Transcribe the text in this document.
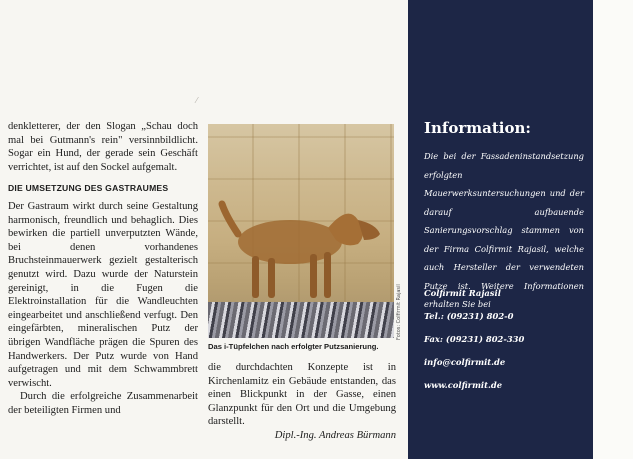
⁄

denkletterer, der den Slogan „Schau doch mal bei Gutmann's rein" versinnbildlicht. Sogar ein Hund, der gerade sein Geschäft verrichtet, ist auf den Sockel aufgemalt.

DIE UMSETZUNG DES GASTRAUMES

Der Gastraum wirkt durch seine Gestaltung harmonisch, freundlich und behaglich. Dies bewirken die partiell unverputzten Wände, bei denen vorhandenes Bruchsteinmauerwerk gezielt gestalterisch genutzt wird. Dazu wurde der Naturstein gereinigt, in die Fugen die Elektroinstallation für die Wandleuchten eingearbeitet und anschließend verfugt. Den eingefärbten, mineralischen Putz der übrigen Wandfläche prägen die Spuren des Handwerkers. Der Putz wurde von Hand aufgetragen und mit dem Schwammbrett verwischt.

Durch die erfolgreiche Zusammenarbeit der beteiligten Firmen und

Fotos: Colfirmit Rajasil
Das i-Tüpfelchen nach erfolgter Putzsanierung.

die durchdachten Konzepte ist in Kirchenlamitz ein Gebäude entstanden, das einen Blickpunkt in der Gasse, einen Glanzpunkt für den Ort und die Umgebung darstellt.

Dipl.-Ing. Andreas Bürmann

Information:
Die bei der Fassadeninstandsetzung erfolgten Mauerwerksuntersuchungen und der darauf aufbauende Sanierungsvorschlag stammen von der Firma Colfirmit Rajasil, welche auch Hersteller der verwendeten Putze ist. Weitere Informationen erhalten Sie bei
Colfirmit Rajasil
Tel.: (09231) 802-0
Fax: (09231) 802-330
info@colfirmit.de
www.colfirmit.de
